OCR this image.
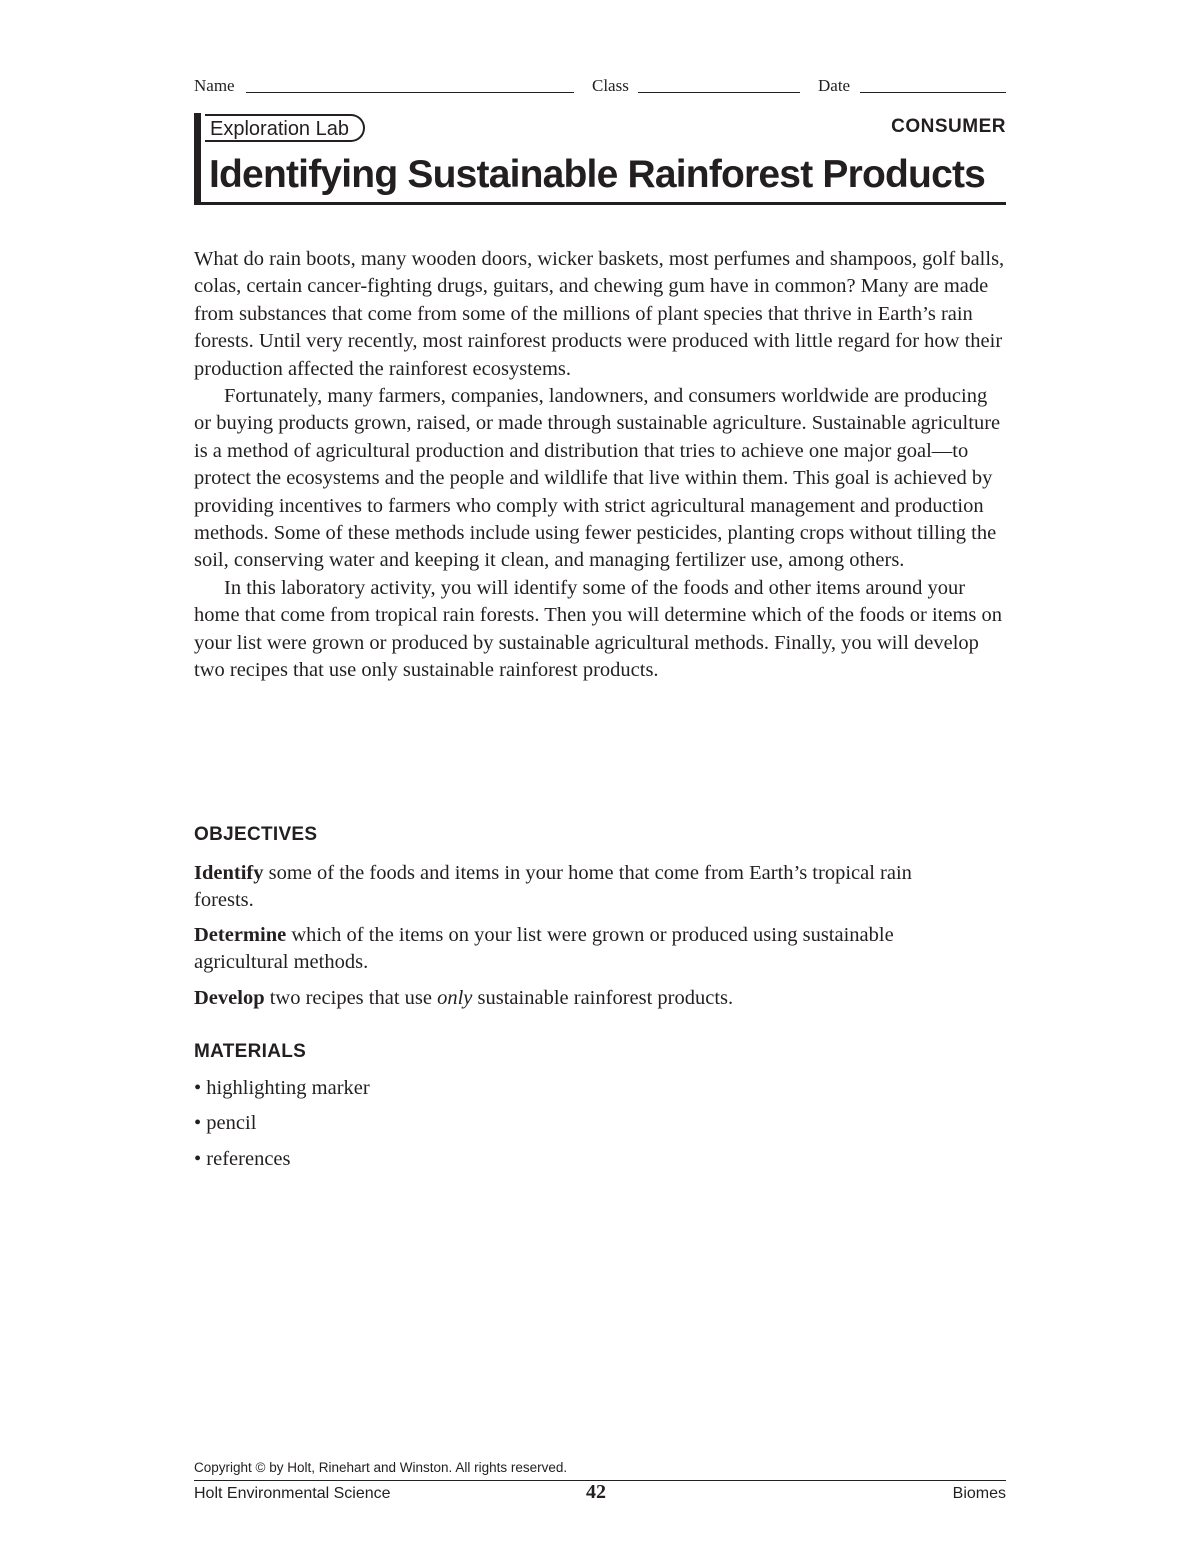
Name	Class	Date
Exploration Lab	CONSUMER
Identifying Sustainable Rainforest Products

What do rain boots, many wooden doors, wicker baskets, most perfumes and shampoos, golf balls, colas, certain cancer-fighting drugs, guitars, and chewing gum have in common? Many are made from substances that come from some of the millions of plant species that thrive in Earth’s rain forests. Until very recently, most rainforest products were produced with little regard for how their production affected the rainforest ecosystems.

Fortunately, many farmers, companies, landowners, and consumers worldwide are producing or buying products grown, raised, or made through sustainable agriculture. Sustainable agriculture is a method of agricultural production and distribution that tries to achieve one major goal—to protect the ecosystems and the people and wildlife that live within them. This goal is achieved by providing incentives to farmers who comply with strict agricultural management and production methods. Some of these methods include using fewer pesticides, planting crops without tilling the soil, conserving water and keeping it clean, and managing fertilizer use, among others.

In this laboratory activity, you will identify some of the foods and other items around your home that come from tropical rain forests. Then you will determine which of the foods or items on your list were grown or produced by sustainable agricultural methods. Finally, you will develop two recipes that use only sustainable rainforest products.

OBJECTIVES
Identify some of the foods and items in your home that come from Earth’s tropical rain forests.
Determine which of the items on your list were grown or produced using sustainable agricultural methods.
Develop two recipes that use only sustainable rainforest products.
MATERIALS
• highlighting marker
• pencil
• references
Copyright © by Holt, Rinehart and Winston. All rights reserved.
Holt Environmental Science	42	Biomes
